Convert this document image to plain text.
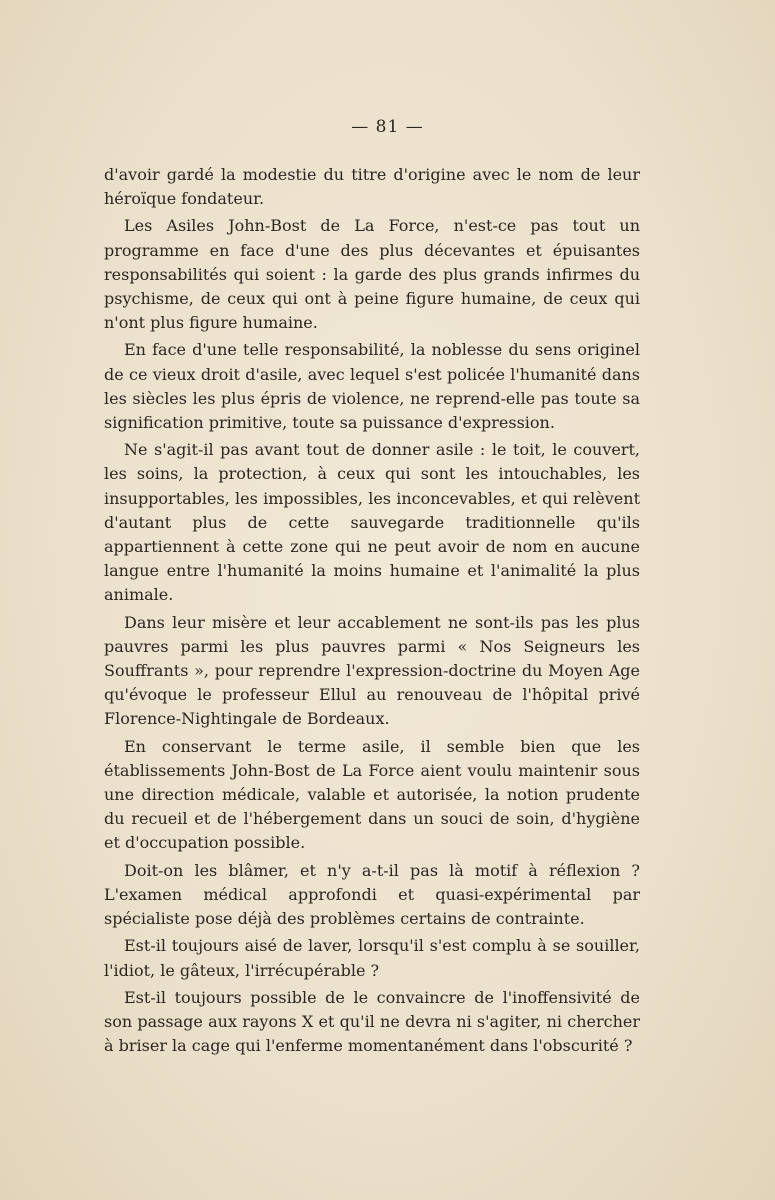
— 81 —

d'avoir gardé la modestie du titre d'origine avec le nom de leur héroïque fondateur.

Les Asiles John-Bost de La Force, n'est-ce pas tout un programme en face d'une des plus décevantes et épuisantes responsabilités qui soient : la garde des plus grands infirmes du psychisme, de ceux qui ont à peine figure humaine, de ceux qui n'ont plus figure humaine.

En face d'une telle responsabilité, la noblesse du sens originel de ce vieux droit d'asile, avec lequel s'est policée l'humanité dans les siècles les plus épris de violence, ne reprend-elle pas toute sa signification primitive, toute sa puissance d'expression.

Ne s'agit-il pas avant tout de donner asile : le toit, le couvert, les soins, la protection, à ceux qui sont les intouchables, les insupportables, les impossibles, les inconcevables, et qui relèvent d'autant plus de cette sauvegarde traditionnelle qu'ils appartiennent à cette zone qui ne peut avoir de nom en aucune langue entre l'humanité la moins humaine et l'animalité la plus animale.

Dans leur misère et leur accablement ne sont-ils pas les plus pauvres parmi les plus pauvres parmi « Nos Seigneurs les Souffrants », pour reprendre l'expression-doctrine du Moyen Age qu'évoque le professeur Ellul au renouveau de l'hôpital privé Florence-Nightingale de Bordeaux.

En conservant le terme asile, il semble bien que les établissements John-Bost de La Force aient voulu maintenir sous une direction médicale, valable et autorisée, la notion prudente du recueil et de l'hébergement dans un souci de soin, d'hygiène et d'occupation possible.

Doit-on les blâmer, et n'y a-t-il pas là motif à réflexion ? L'examen médical approfondi et quasi-expérimental par spécialiste pose déjà des problèmes certains de contrainte.

Est-il toujours aisé de laver, lorsqu'il s'est complu à se souiller, l'idiot, le gâteux, l'irrécupérable ?

Est-il toujours possible de le convaincre de l'inoffensivité de son passage aux rayons X et qu'il ne devra ni s'agiter, ni chercher à briser la cage qui l'enferme momentanément dans l'obscurité ?
